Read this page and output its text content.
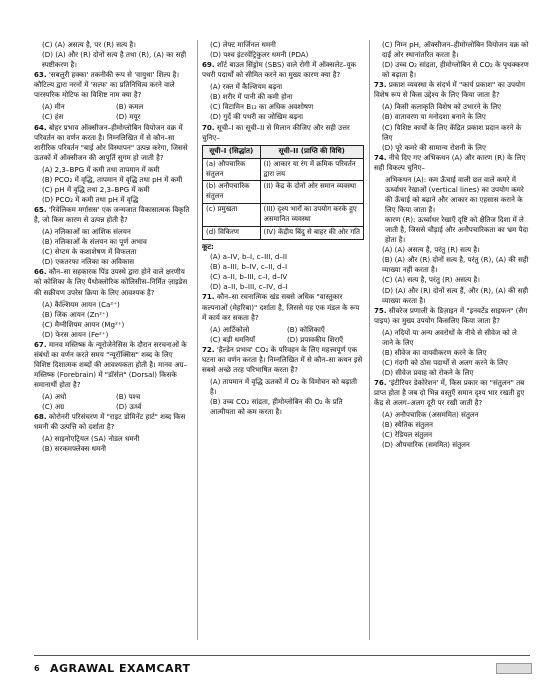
(C) (A) असत्य है, पर (R) सत्य है।
(D) (A) और (R) दोनों सत्य है तथा (R), (A) का सही स्पष्टीकरण है।
63. 'सबलुरी हक्का' तकनीकी रूप से 'वायुथा' शिल्प है। कौटिल्य द्वारा नरनों में 'सल्फ' का प्रतिनिधित्व करने वाले पारस्परिक मोटिफ का विशिष्ट नाम क्या है?
(A) मीन	(B) कमल
(C) हंस	(D) मयूर
64. बोहर प्रभाव ऑक्सीजन–हीमोग्लोबिन वियोजन वक्र में परिवर्तन का वर्णन करता है। निम्नलिखित में से कौन–सा शारीरिक परिवर्तन "बाई ओर विस्थापन" उत्पन्न करेगा, जिससे ऊतकों में ऑक्सीजन की आपूर्ति सुगम हो जाती है?
(A) 2,3–BPG में कमी तथा तापमान में कमी
(B) PCO₂ में वृद्धि, तापमान में वृद्धि तथा pH में कमी
(C) pH में वृद्धि तथा 2,3–BPG में कमी
(D) PCO₂ में कमी तथा pH में वृद्धि
65. 'रिवेलिकम मर्गासस' एक जन्मजात विकासात्मक विकृति है, जो किस कारण से उत्पन्न होती है?
(A) नलिकाओं का आंशिक संलयन
(B) नलिकाओं के संलयन का पूर्ण अभाव
(C) सेप्टम के कशाशेषण में विफलता
(D) एकतरफा नलिका का अविकास
66. कौन–सा सहकारक पिंड उपस्थे द्वारा होने वाले क्षरणीय को कोशिका के लिए पैथोक्लोरिक कोलिसीस–निर्मित ज़ाइडेस की सक्रीयण उपरेस क्रिया के लिए आवश्यक है?
(A) कैल्शियम आयन (Ca²⁺)
(B) जिंक आयन (Zn²⁺)
(C) मैग्नीशियम आयन (Mg²⁺)
(D) फेरस आयन (Fe²⁺)
67. मानव मस्तिष्क के न्यूरोजेनेसिस के दौरान सरचनाओं के संबंधों का वर्णन करते समय "न्यूरॉक्सिस" शब्द के लिए विशिष्ट दिशात्मक शब्दों की आवश्यकता होती है। मानव अग्र–मस्तिष्क (Forebrain) में "डॉर्सल" (Dorsal) किसके समानार्थी होता है?
(A) अधो	(B) पश्च
(C) अग्र	(D) ऊर्ध्व
68. कोरोनरी परिसंचरण में "राइट डोमिनेंट हार्ट" शब्द किस धमनी की उत्पत्ति को दर्शाता है?
(A) साइनोएट्रियल (SA) नोडल धमनी
(B) सरकमफ्लेक्स धमनी
(C) लेफ्ट मार्जिनल धमनी
(D) पश्च इंटरवेंट्रिकुलर धमनी (PDA)
69. शॉर्ट बाउल सिंड्रोम (SBS) वाले रोगी में ऑक्सलेट–यूक पथरी पदार्थों को सीमित करने का मुख्य कारण क्या है?
(A) रक्त में कैल्शियम बढ़ना
(B) शरीर में पानी की कमी होना
(C) विटामिन B₁₂ का अधिक अवशोषण
(D) गुर्दे की पथरी का जोखिम बढ़ना
70. सूची–I का सूची–II से मिलान कीजिए और सही उत्तर चुनिए–
सूची–I (सिद्धांत)	सूची–II (प्राप्ति की विधि)
(a) औपचारिक संतुलन	(I) आकार या रंग में क्रमिक परिवर्तन द्वारा लय
(b) अनौपचारिक संतुलन	(II) केंद्र के दोनों ओर समान व्यवस्था
(c) प्रमुखता	(III) दृश्य भारों का उपयोग करके हुए असमानित व्यवस्था
(d) विकिरण	(IV) केंद्रीय बिंदु से बाहर की ओर गति
कूट:
(A) a–IV, b–I, c–III, d–II
(B) a–III, b–IV, c–II, d–I
(C) a–II, b–III, c–I, d–IV
(D) a–II, b–III, c–IV, d–I
71. कौन–सा रचनात्मिक खंड सबसे अधिक "वास्तुकार कल्पनाओं (मेहरिबा)" दर्शाता है, जिससे यह एक मंडल के रूप में कार्य कर सकता है?
(A) आर्टिकोलो	(B) कोशिकाएँ
(C) बड़ी धमनियाँ	(D) प्रपावकीय शिराएँ
72. 'हैल्डेन प्रभाव' CO₂ के परिवहन के लिए महत्त्वपूर्ण एक घटना का वर्णन करता है। निम्नलिखित में से कौन–सा कथन इसे सबसे अच्छे तरह परिभाषित करता है?
(A) तापमान में वृद्धि ऊतकों में O₂ के विमोचन को बढ़ाती है।
(B) उच्च CO₂ सांद्रता, हीमोग्लोबिन की O₂ के प्रति आत्मीयता को कम करता है।
(C) निम्न pH, ऑक्सीजन–हीमोग्लोबिन वियोजन वक्र को दाईं ओर स्थानांतरित करता है।
(D) उच्च O₂ सांद्रता, हीमोग्लोबिन से CO₂ के पृथक्करण को बढ़ाता है।
73. प्रकाश व्यवस्था के संदर्भ में "कार्य प्रकाश" का उपयोग विशेष रूप से किस उद्देश्य के लिए किया जाता है?
(A) किसी कलाकृति विशेष को उभारने के लिए
(B) वातावरण या मनोदशा बनाने के लिए
(C) विशिष्ट कार्यों के लिए केंद्रित प्रकाश प्रदान करने के लिए
(D) पूरे कमरे की सामान्य रोशनी के लिए
74. नीचे दिए गए अभिकथन (A) और कारण (R) के लिए सही विकल्प चुनिए–
अभिकथन (A): कम ऊँचाई वाली छत वाले कमरे में ऊर्ध्वाधर रेखाओं (vertical lines) का उपयोग कमरे की ऊँचाई को बढ़ाने और आकार का एहसास कराने के लिए किया जाता है।
कारण (R): ऊर्ध्वाधर रेखाएँ दृष्टि को क्षैतिज दिशा में ले जाती है, जिससे चौड़ाई और अनौपचारिकता का भ्रम पैदा होता है।
(A) (A) असत्य है, परंतु (R) सत्य है।
(B) (A) और (R) दोनों सत्य है, परंतु (R), (A) की सही व्याख्या नहीं करता है।
(C) (A) सत्य है, परंतु (R) असत्य है।
(D) (A) और (R) दोनों सत्य हैं, और (R), (A) की सही व्याख्या करता है।
75. सीवरेज प्रणाली के डिज़ाइन में "इनवर्टेड साइफन" (सैग पाइप) का मुख्य उपयोग किसलिए किया जाता है?
(A) नदियों या अन्य अवरोधों के नीचे से सीवेज को ले जाने के लिए
(B) सीवेज का वायवीकरण करने के लिए
(C) गंदगी को ठोस पदार्थों से अलग करने के लिए
(D) सीवेज प्रवाह को रोकने के लिए
76. 'इंटीरियर डेकोरेशन' में, किस प्रकार का "संतुलन" तब प्राप्त होता है जब दो भिन्न वस्तुएँ समान दृश्य भार रखती हुए केंद्र से अलग–अलग दूरी पर रखी जाती है?
(A) अनौपचारिक (असममित) संतुलन
(B) स्थैतिक संतुलन
(C) रेडियल संतुलन
(D) औपचारिक (सममित) संतुलन
6 AGRAWAL EXAMCART
